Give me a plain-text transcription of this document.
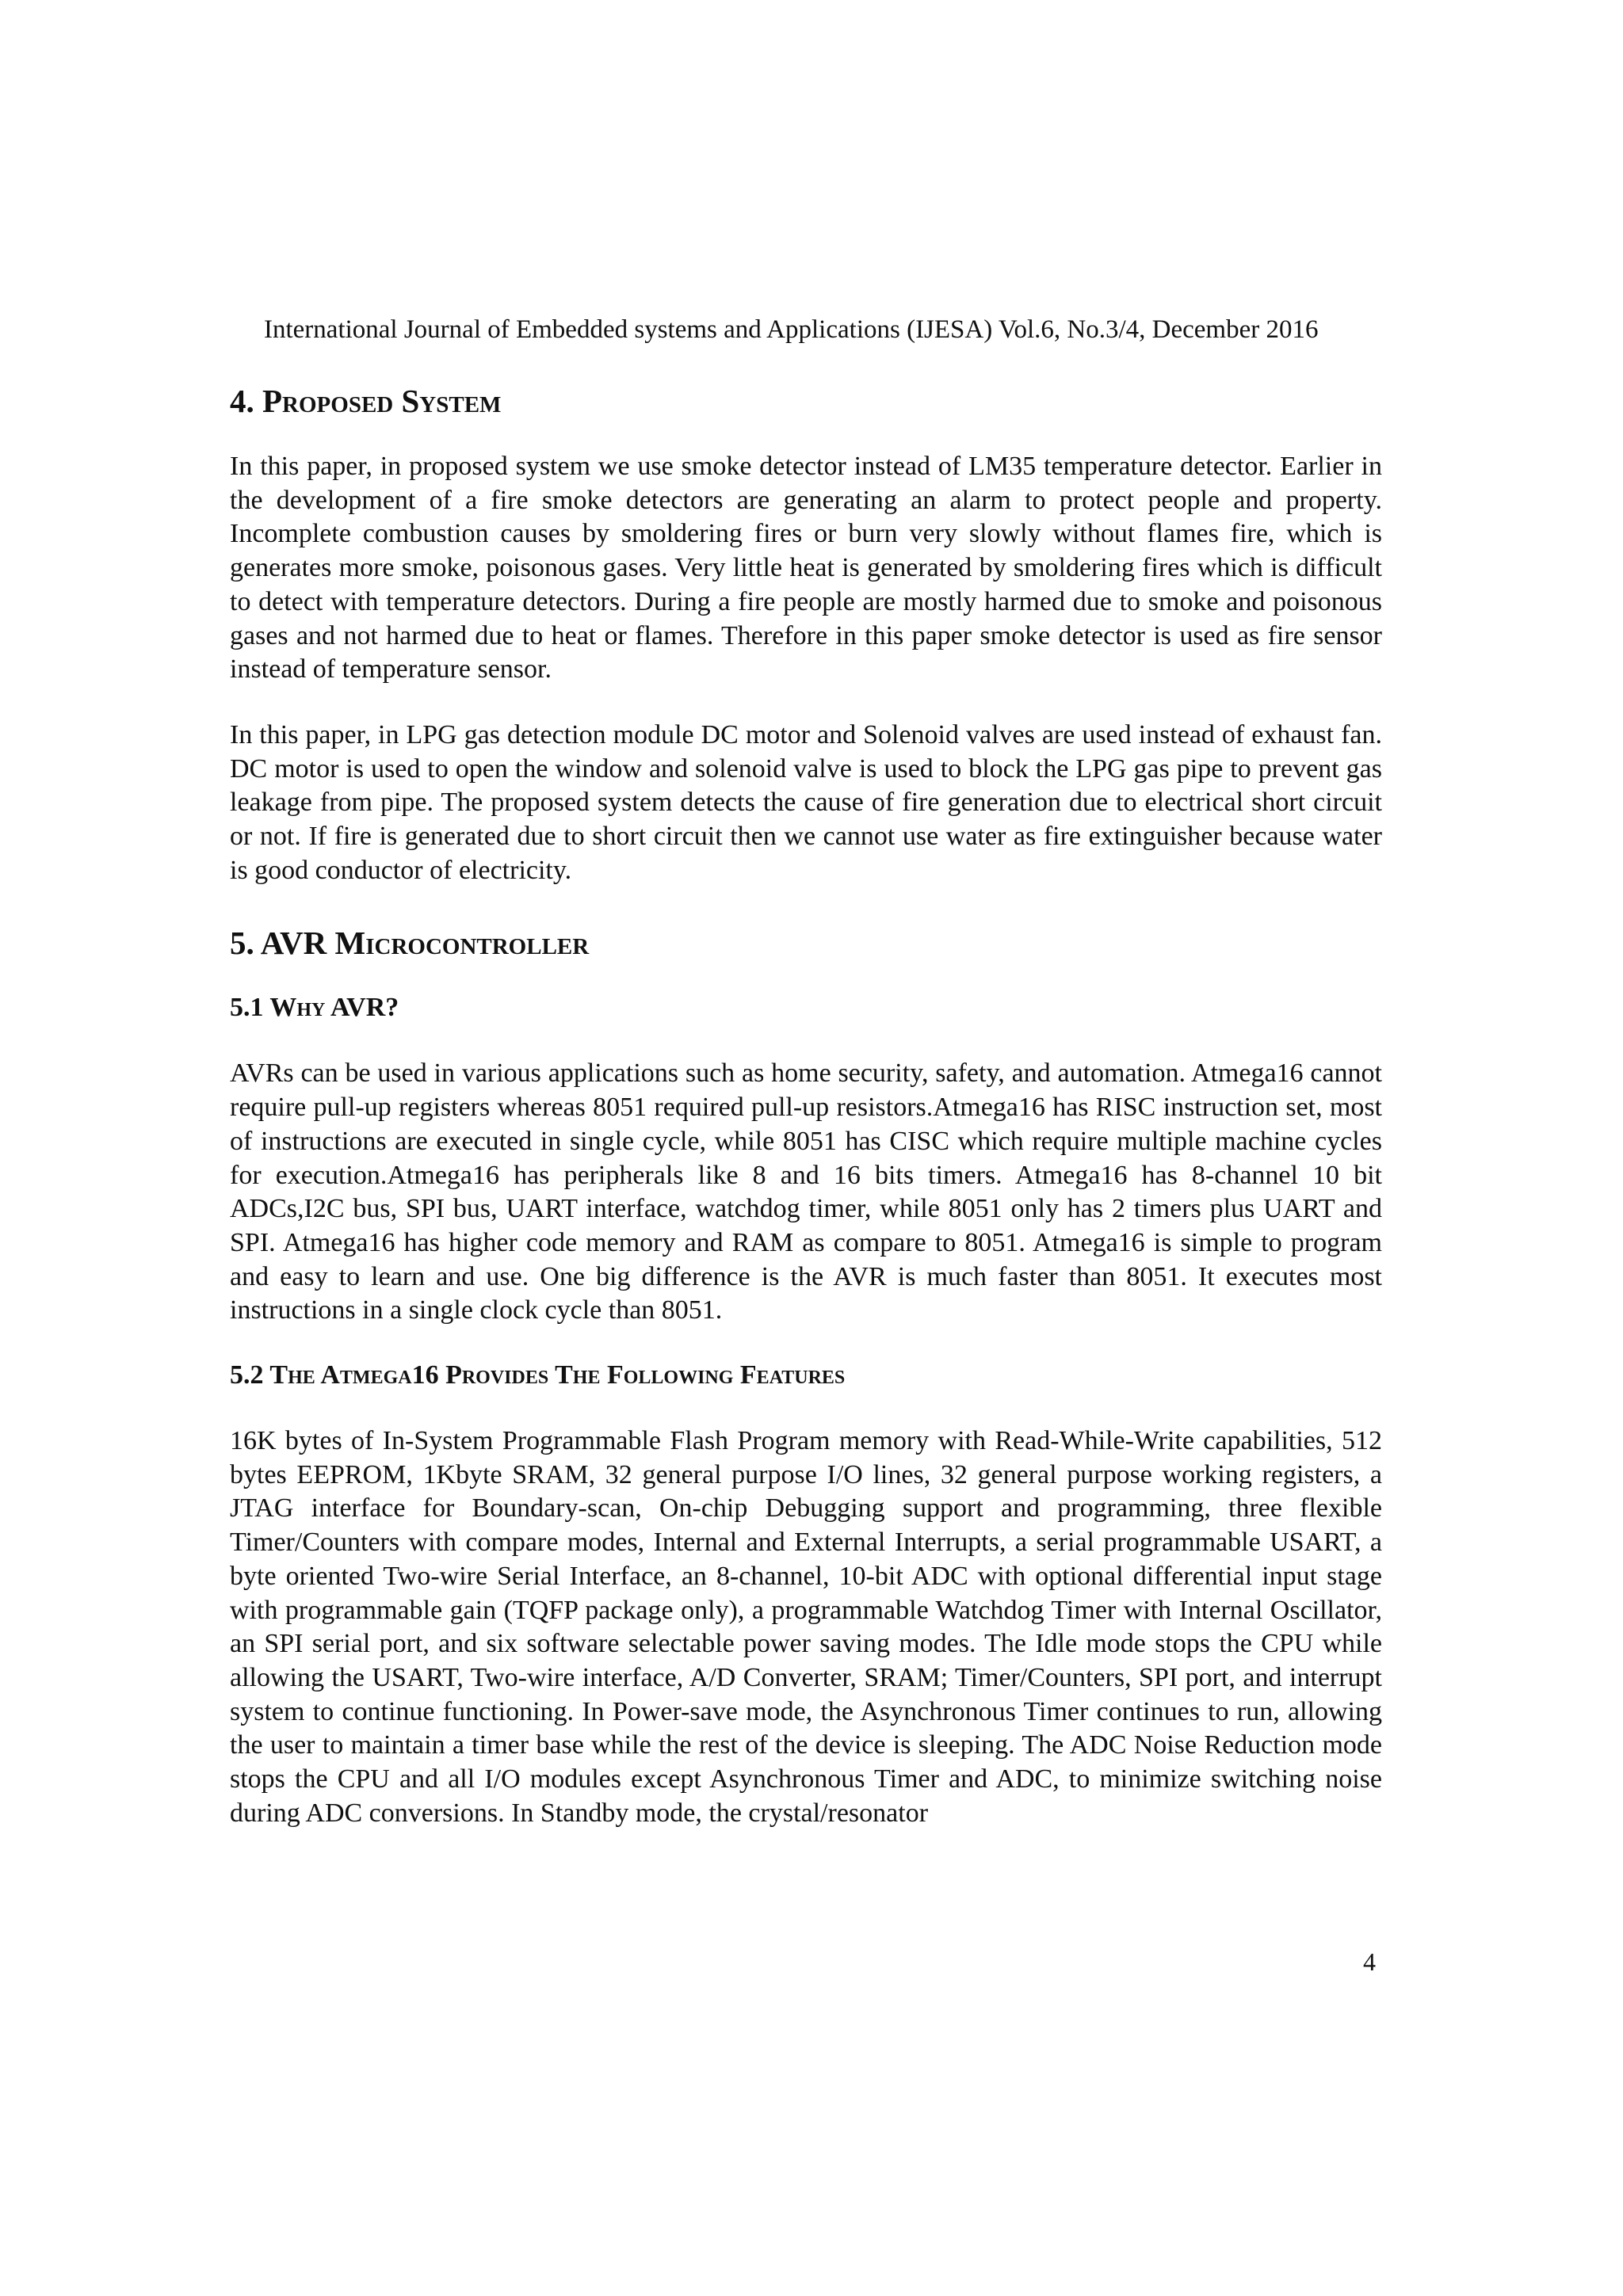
International Journal of Embedded systems and Applications (IJESA) Vol.6, No.3/4, December 2016
4. Proposed System

In this paper, in proposed system we use smoke detector instead of LM35 temperature detector. Earlier in the development of a fire smoke detectors are generating an alarm to protect people and property. Incomplete combustion causes by smoldering fires or burn very slowly without flames fire, which is generates more smoke, poisonous gases. Very little heat is generated by smoldering fires which is difficult to detect with temperature detectors. During a fire people are mostly harmed due to smoke and poisonous gases and not harmed due to heat or flames. Therefore in this paper smoke detector is used as fire sensor instead of temperature sensor.

In this paper, in LPG gas detection module DC motor and Solenoid valves are used instead of exhaust fan. DC motor is used to open the window and solenoid valve is used to block the LPG gas pipe to prevent gas leakage from pipe. The proposed system detects the cause of fire generation due to electrical short circuit or not. If fire is generated due to short circuit then we cannot use water as fire extinguisher because water is good conductor of electricity.

5. AVR Microcontroller
5.1 Why AVR?

AVRs can be used in various applications such as home security, safety, and automation. Atmega16 cannot require pull-up registers whereas 8051 required pull-up resistors.Atmega16 has RISC instruction set, most of instructions are executed in single cycle, while 8051 has CISC which require multiple machine cycles for execution.Atmega16 has peripherals like 8 and 16 bits timers. Atmega16 has 8-channel 10 bit ADCs,I2C bus, SPI bus, UART interface, watchdog timer, while 8051 only has 2 timers plus UART and SPI. Atmega16 has higher code memory and RAM as compare to 8051. Atmega16 is simple to program and easy to learn and use. One big difference is the AVR is much faster than 8051. It executes most instructions in a single clock cycle than 8051.

5.2 The Atmega16 Provides The Following Features

16K bytes of In-System Programmable Flash Program memory with Read-While-Write capabilities, 512 bytes EEPROM, 1Kbyte SRAM, 32 general purpose I/O lines, 32 general purpose working registers, a JTAG interface for Boundary-scan, On-chip Debugging support and programming, three flexible Timer/Counters with compare modes, Internal and External Interrupts, a serial programmable USART, a byte oriented Two-wire Serial Interface, an 8-channel, 10-bit ADC with optional differential input stage with programmable gain (TQFP package only), a programmable Watchdog Timer with Internal Oscillator, an SPI serial port, and six software selectable power saving modes. The Idle mode stops the CPU while allowing the USART, Two-wire interface, A/D Converter, SRAM; Timer/Counters, SPI port, and interrupt system to continue functioning. In Power-save mode, the Asynchronous Timer continues to run, allowing the user to maintain a timer base while the rest of the device is sleeping. The ADC Noise Reduction mode stops the CPU and all I/O modules except Asynchronous Timer and ADC, to minimize switching noise during ADC conversions. In Standby mode, the crystal/resonator

4
